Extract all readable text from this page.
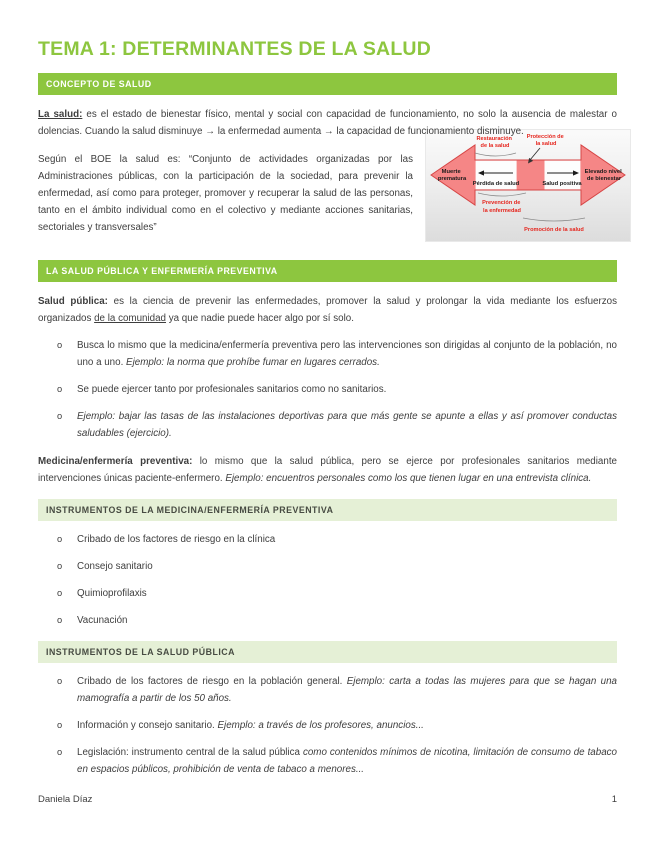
TEMA 1: DETERMINANTES DE LA SALUD
CONCEPTO DE SALUD
La salud: es el estado de bienestar físico, mental y social con capacidad de funcionamiento, no solo la ausencia de malestar o dolencias. Cuando la salud disminuye → la enfermedad aumenta → la capacidad de funcionamiento disminuye.
Muerte prematura
Elevado nivel de bienestar
Pérdida de salud	Salud positiva
Restauración de la salud
Protección de la salud
Prevención de la enfermedad
Promoción de la salud
Según el BOE la salud es: “Conjunto de actividades organizadas por las Administraciones públicas, con la participación de la sociedad, para prevenir la enfermedad, así como para proteger, promover y recuperar la salud de las personas, tanto en el ámbito individual como en el colectivo y mediante acciones sanitarias, sectoriales y transversales”
LA SALUD PÚBLICA Y ENFERMERÍA PREVENTIVA
Salud pública: es la ciencia de prevenir las enfermedades, promover la salud y prolongar la vida mediante los esfuerzos organizados de la comunidad ya que nadie puede hacer algo por sí solo.
o	Busca lo mismo que la medicina/enfermería preventiva pero las intervenciones son dirigidas al conjunto de la población, no uno a uno. Ejemplo: la norma que prohíbe fumar en lugares cerrados.
o	Se puede ejercer tanto por profesionales sanitarios como no sanitarios.
o	Ejemplo: bajar las tasas de las instalaciones deportivas para que más gente se apunte a ellas y así promover conductas saludables (ejercicio).
Medicina/enfermería preventiva: lo mismo que la salud pública, pero se ejerce por profesionales sanitarios mediante intervenciones únicas paciente-enfermero. Ejemplo: encuentros personales como los que tienen lugar en una entrevista clínica.
INSTRUMENTOS DE LA MEDICINA/ENFERMERÍA PREVENTIVA
o	Cribado de los factores de riesgo en la clínica
o	Consejo sanitario
o	Quimioprofilaxis
o	Vacunación
INSTRUMENTOS DE LA SALUD PÚBLICA
o	Cribado de los factores de riesgo en la población general. Ejemplo: carta a todas las mujeres para que se hagan una mamografía a partir de los 50 años.
o	Información y consejo sanitario. Ejemplo: a través de los profesores, anuncios...
o	Legislación: instrumento central de la salud pública como contenidos mínimos de nicotina, limitación de consumo de tabaco en espacios públicos, prohibición de venta de tabaco a menores...
Daniela Díaz	1
